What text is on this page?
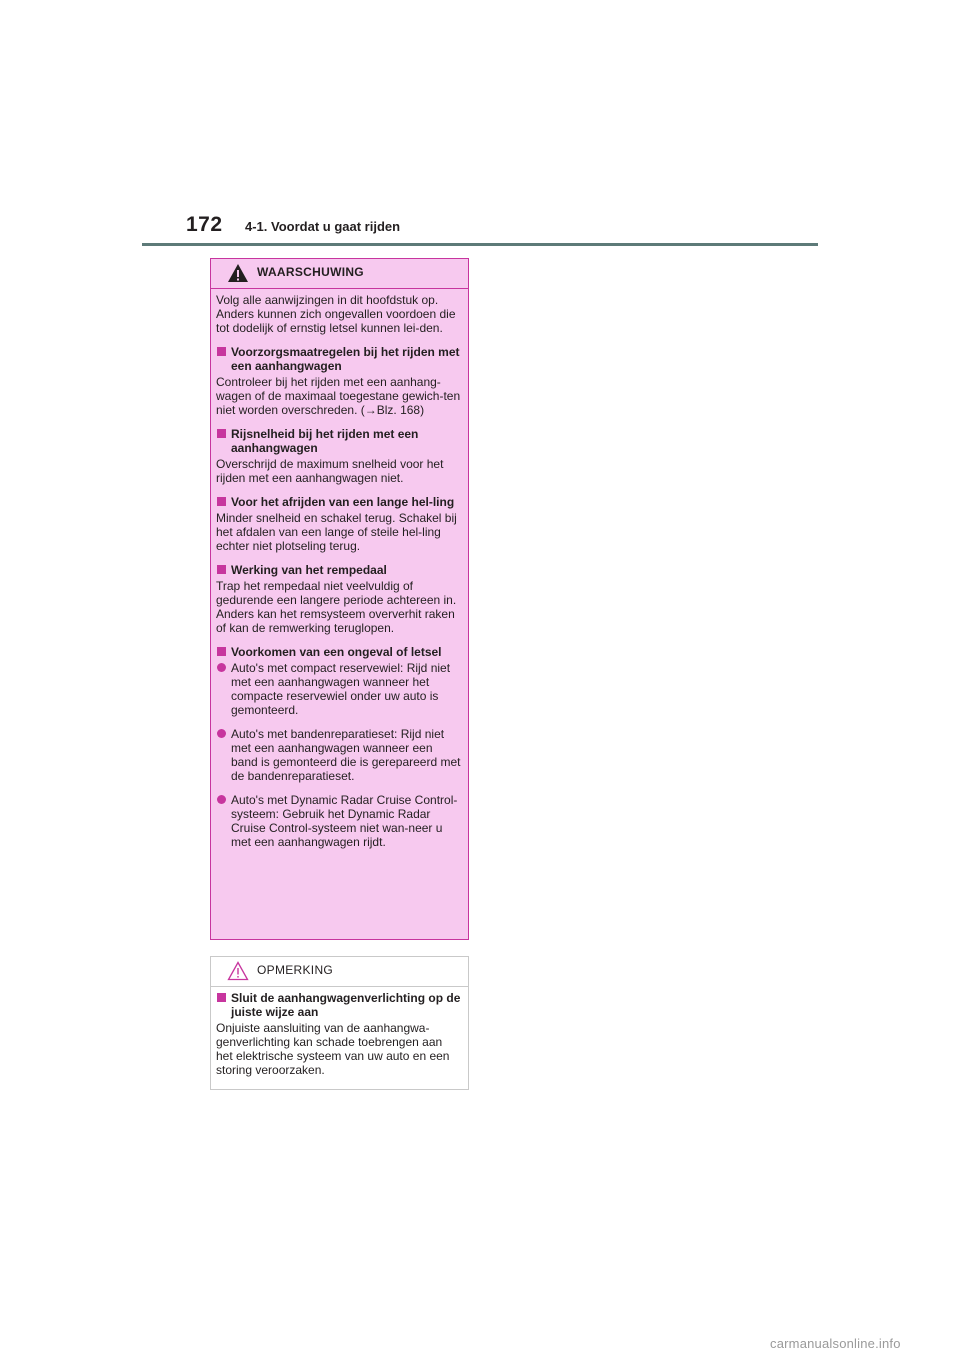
172 4-1. Voordat u gaat rijden
WAARSCHUWING

Volg alle aanwijzingen in dit hoofdstuk op. Anders kunnen zich ongevallen voordoen die tot dodelijk of ernstig letsel kunnen lei-den.

Voorzorgsmaatregelen bij het rijden met een aanhangwagen

Controleer bij het rijden met een aanhang-wagen of de maximaal toegestane gewich-ten niet worden overschreden. (→Blz. 168)

Rijsnelheid bij het rijden met een aanhangwagen

Overschrijd de maximum snelheid voor het rijden met een aanhangwagen niet.

Voor het afrijden van een lange hel-ling

Minder snelheid en schakel terug. Schakel bij het afdalen van een lange of steile hel-ling echter niet plotseling terug.

Werking van het rempedaal

Trap het rempedaal niet veelvuldig of gedurende een langere periode achtereen in. Anders kan het remsysteem oververhit raken of kan de remwerking teruglopen.

Voorkomen van een ongeval of letsel
Auto's met compact reservewiel: Rijd niet met een aanhangwagen wanneer het compacte reservewiel onder uw auto is gemonteerd.
Auto's met bandenreparatieset: Rijd niet met een aanhangwagen wanneer een band is gemonteerd die is gerepareerd met de bandenreparatieset.
Auto's met Dynamic Radar Cruise Control-systeem: Gebruik het Dynamic Radar Cruise Control-systeem niet wan-neer u met een aanhangwagen rijdt.
OPMERKING
Sluit de aanhangwagenverlichting op de juiste wijze aan

Onjuiste aansluiting van de aanhangwa-genverlichting kan schade toebrengen aan het elektrische systeem van uw auto en een storing veroorzaken.

carmanualsonline.info
